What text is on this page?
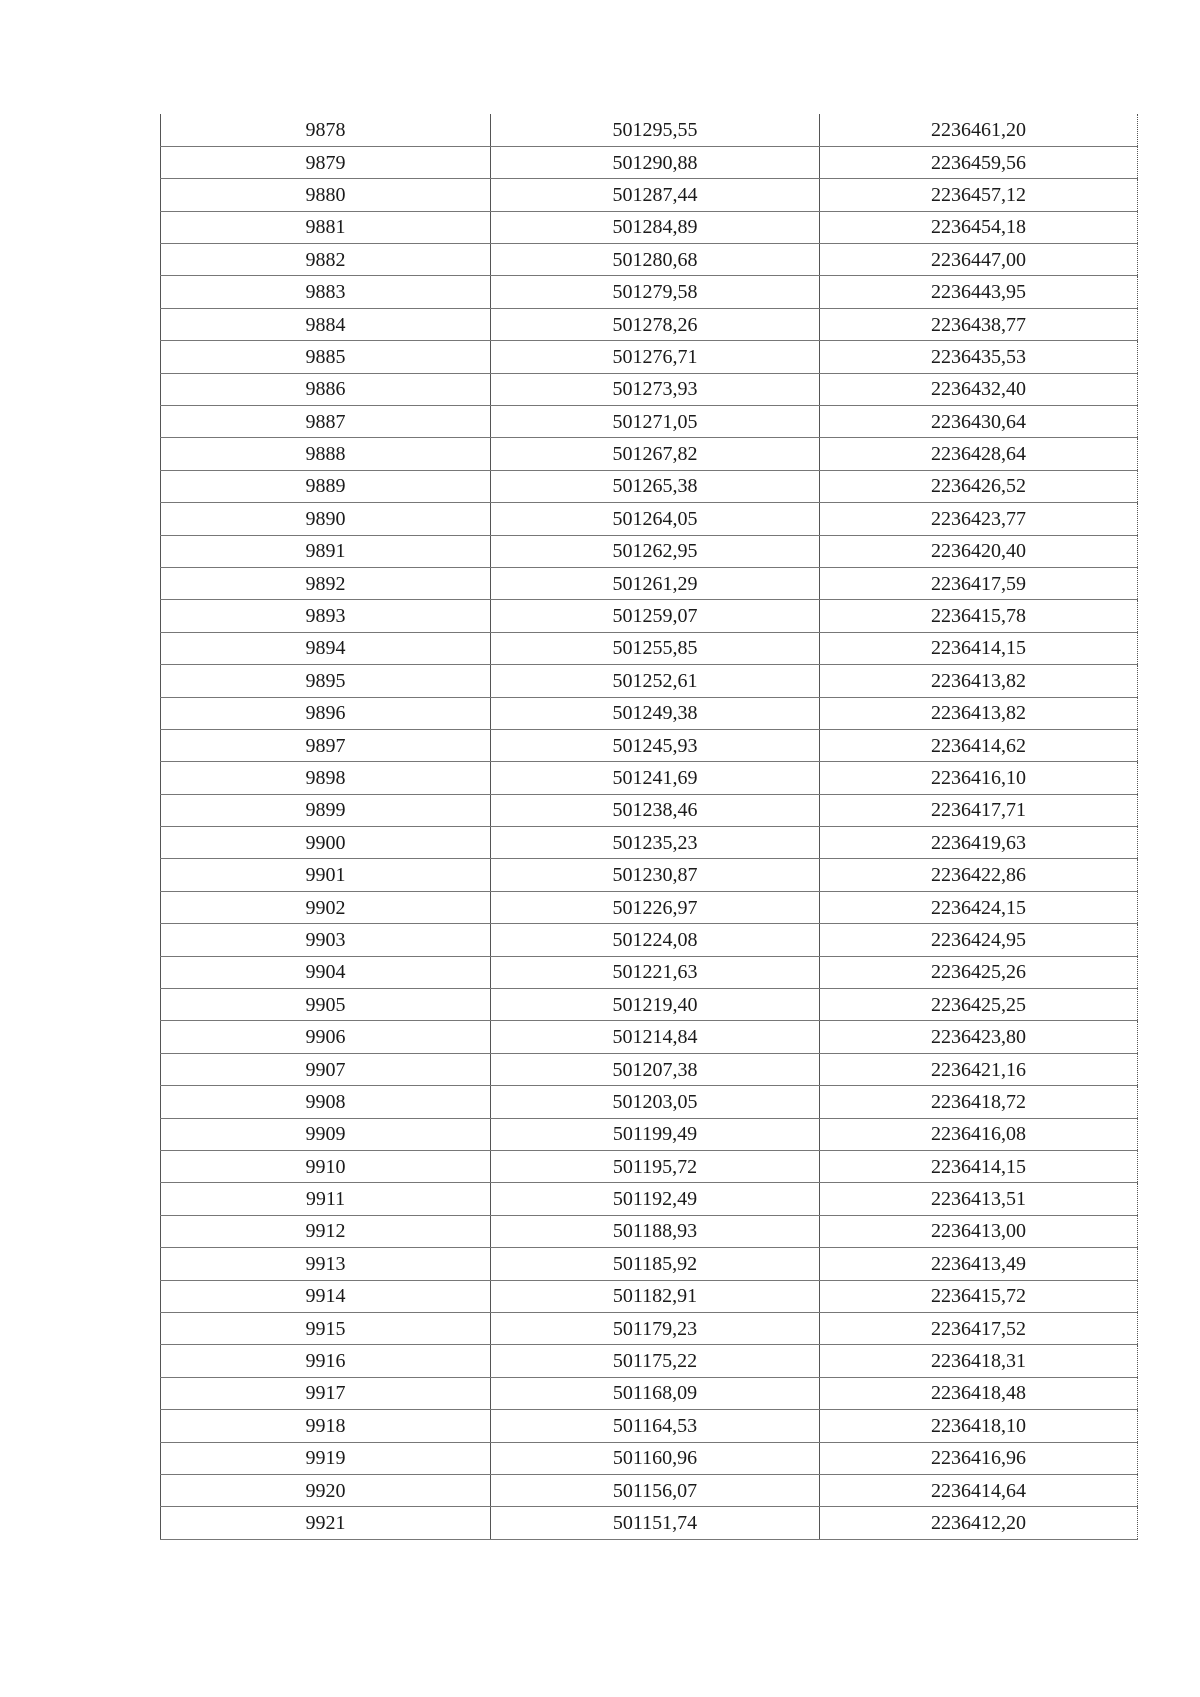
9878	501295,55	2236461,20
9879	501290,88	2236459,56
9880	501287,44	2236457,12
9881	501284,89	2236454,18
9882	501280,68	2236447,00
9883	501279,58	2236443,95
9884	501278,26	2236438,77
9885	501276,71	2236435,53
9886	501273,93	2236432,40
9887	501271,05	2236430,64
9888	501267,82	2236428,64
9889	501265,38	2236426,52
9890	501264,05	2236423,77
9891	501262,95	2236420,40
9892	501261,29	2236417,59
9893	501259,07	2236415,78
9894	501255,85	2236414,15
9895	501252,61	2236413,82
9896	501249,38	2236413,82
9897	501245,93	2236414,62
9898	501241,69	2236416,10
9899	501238,46	2236417,71
9900	501235,23	2236419,63
9901	501230,87	2236422,86
9902	501226,97	2236424,15
9903	501224,08	2236424,95
9904	501221,63	2236425,26
9905	501219,40	2236425,25
9906	501214,84	2236423,80
9907	501207,38	2236421,16
9908	501203,05	2236418,72
9909	501199,49	2236416,08
9910	501195,72	2236414,15
9911	501192,49	2236413,51
9912	501188,93	2236413,00
9913	501185,92	2236413,49
9914	501182,91	2236415,72
9915	501179,23	2236417,52
9916	501175,22	2236418,31
9917	501168,09	2236418,48
9918	501164,53	2236418,10
9919	501160,96	2236416,96
9920	501156,07	2236414,64
9921	501151,74	2236412,20
